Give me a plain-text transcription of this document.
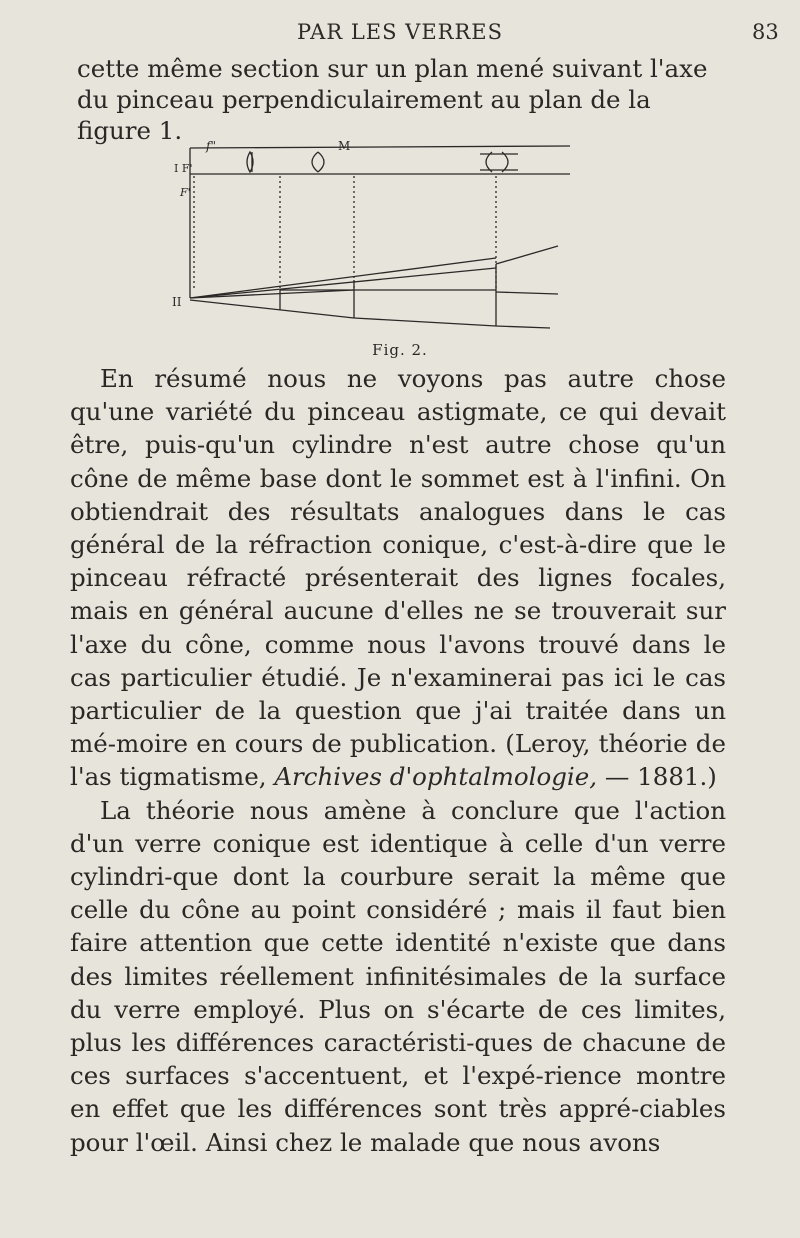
PAR LES VERRES	83

cette même section sur un plan mené suivant l'axe du pinceau perpendiculairement au plan de la figure 1.

f"	M
I F'
F'
II
Fig. 2.

En résumé nous ne voyons pas autre chose qu'une variété du pinceau astigmate, ce qui devait être, puis-qu'un cylindre n'est autre chose qu'un cône de même base dont le sommet est à l'infini. On obtiendrait des résultats analogues dans le cas général de la réfraction conique, c'est-à-dire que le pinceau réfracté présenterait des lignes focales, mais en général aucune d'elles ne se trouverait sur l'axe du cône, comme nous l'avons trouvé dans le cas particulier étudié. Je n'examinerai pas ici le cas particulier de la question que j'ai traitée dans un mé-moire en cours de publication. (Leroy, théorie de l'as tigmatisme, Archives d'ophtalmologie, — 1881.)

La théorie nous amène à conclure que l'action d'un verre conique est identique à celle d'un verre cylindri-que dont la courbure serait la même que celle du cône au point considéré ; mais il faut bien faire attention que cette identité n'existe que dans des limites réellement infinitésimales de la surface du verre employé. Plus on s'écarte de ces limites, plus les différences caractéristi-ques de chacune de ces surfaces s'accentuent, et l'expé-rience montre en effet que les différences sont très appré-ciables pour l'œil. Ainsi chez le malade que nous avons
